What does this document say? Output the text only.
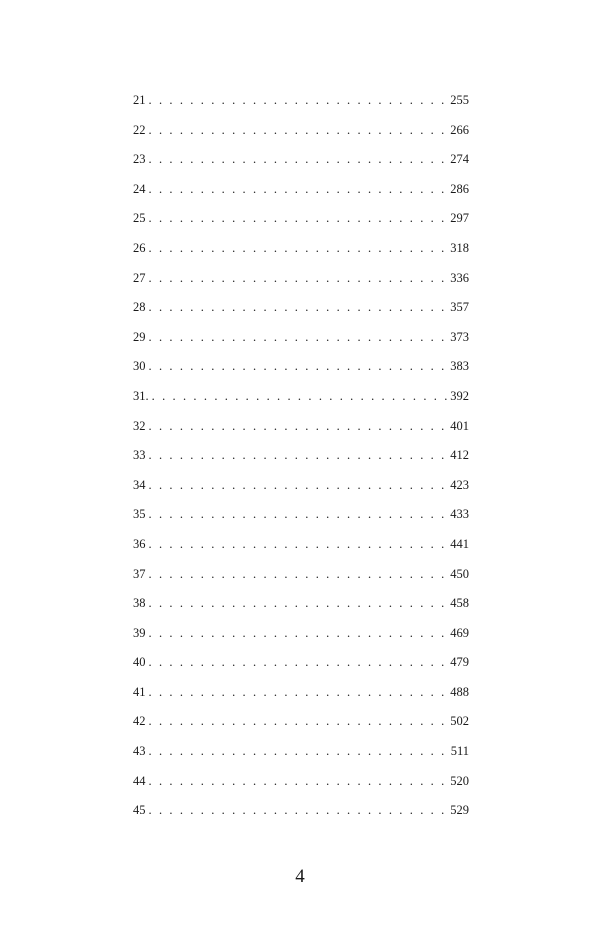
21 . . .	255
22 . . .	266
23 . . .	274
24 . . .	286
25 . . .	297
26 . . .	318
27 . . .	336
28 . . .	357
29 . . .	373
30 . . .	383
31. . . .	392
32 . . .	401
33 . . .	412
34 . . .	423
35 . . .	433
36 . . .	441
37 . . .	450
38 . . .	458
39 . . .	469
40 . . .	479
41 . . .	488
42 . . .	502
43 . . .	511
44 . . .	520
45 . . .	529
4
